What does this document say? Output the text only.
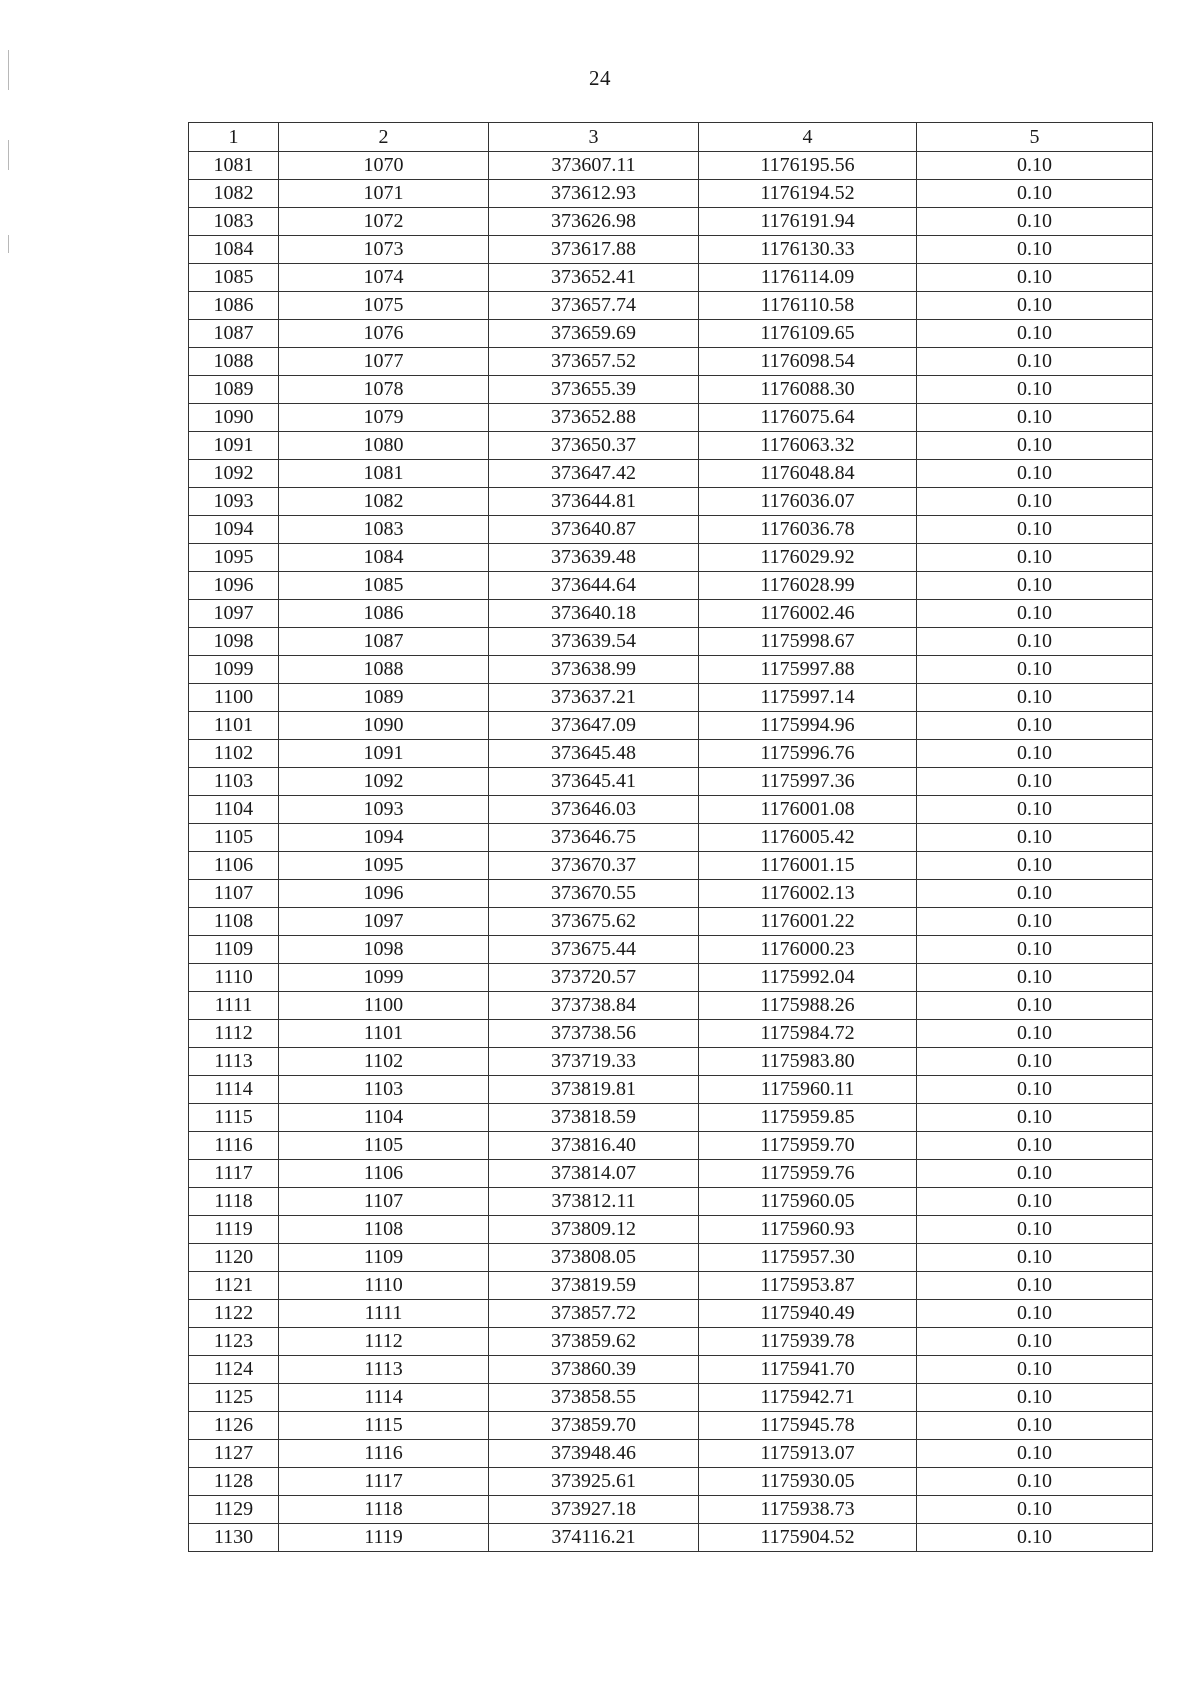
24
1	2	3	4	5
1081	1070	373607.11	1176195.56	0.10
1082	1071	373612.93	1176194.52	0.10
1083	1072	373626.98	1176191.94	0.10
1084	1073	373617.88	1176130.33	0.10
1085	1074	373652.41	1176114.09	0.10
1086	1075	373657.74	1176110.58	0.10
1087	1076	373659.69	1176109.65	0.10
1088	1077	373657.52	1176098.54	0.10
1089	1078	373655.39	1176088.30	0.10
1090	1079	373652.88	1176075.64	0.10
1091	1080	373650.37	1176063.32	0.10
1092	1081	373647.42	1176048.84	0.10
1093	1082	373644.81	1176036.07	0.10
1094	1083	373640.87	1176036.78	0.10
1095	1084	373639.48	1176029.92	0.10
1096	1085	373644.64	1176028.99	0.10
1097	1086	373640.18	1176002.46	0.10
1098	1087	373639.54	1175998.67	0.10
1099	1088	373638.99	1175997.88	0.10
1100	1089	373637.21	1175997.14	0.10
1101	1090	373647.09	1175994.96	0.10
1102	1091	373645.48	1175996.76	0.10
1103	1092	373645.41	1175997.36	0.10
1104	1093	373646.03	1176001.08	0.10
1105	1094	373646.75	1176005.42	0.10
1106	1095	373670.37	1176001.15	0.10
1107	1096	373670.55	1176002.13	0.10
1108	1097	373675.62	1176001.22	0.10
1109	1098	373675.44	1176000.23	0.10
1110	1099	373720.57	1175992.04	0.10
1111	1100	373738.84	1175988.26	0.10
1112	1101	373738.56	1175984.72	0.10
1113	1102	373719.33	1175983.80	0.10
1114	1103	373819.81	1175960.11	0.10
1115	1104	373818.59	1175959.85	0.10
1116	1105	373816.40	1175959.70	0.10
1117	1106	373814.07	1175959.76	0.10
1118	1107	373812.11	1175960.05	0.10
1119	1108	373809.12	1175960.93	0.10
1120	1109	373808.05	1175957.30	0.10
1121	1110	373819.59	1175953.87	0.10
1122	1111	373857.72	1175940.49	0.10
1123	1112	373859.62	1175939.78	0.10
1124	1113	373860.39	1175941.70	0.10
1125	1114	373858.55	1175942.71	0.10
1126	1115	373859.70	1175945.78	0.10
1127	1116	373948.46	1175913.07	0.10
1128	1117	373925.61	1175930.05	0.10
1129	1118	373927.18	1175938.73	0.10
1130	1119	374116.21	1175904.52	0.10
